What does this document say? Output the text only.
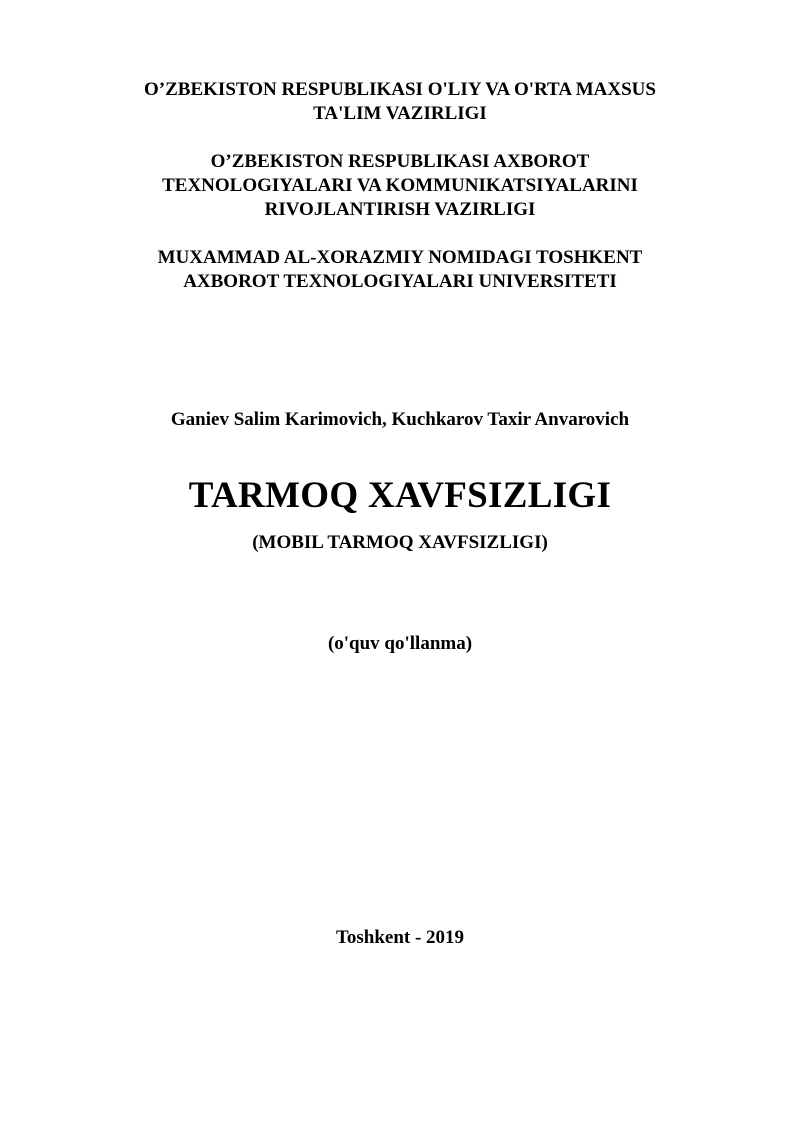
O’ZBEKISTON RESPUBLIKASI O'LIY VA O'RTA MAXSUS

TA'LIM VAZIRLIGI

O’ZBEKISTON RESPUBLIKASI AXBOROT

TEXNOLOGIYALARI VA KOMMUNIKATSIYALARINI

RIVOJLANTIRISH VAZIRLIGI

MUXAMMAD AL-XORAZMIY NOMIDAGI TOSHKENT

AXBOROT TEXNOLOGIYALARI UNIVERSITETI

Ganiev Salim Karimovich, Kuchkarov Taxir Anvarovich
TARMOQ XAVFSIZLIGI
(MOBIL TARMOQ XAVFSIZLIGI)
(o'quv qo'llanma)
Toshkent - 2019
